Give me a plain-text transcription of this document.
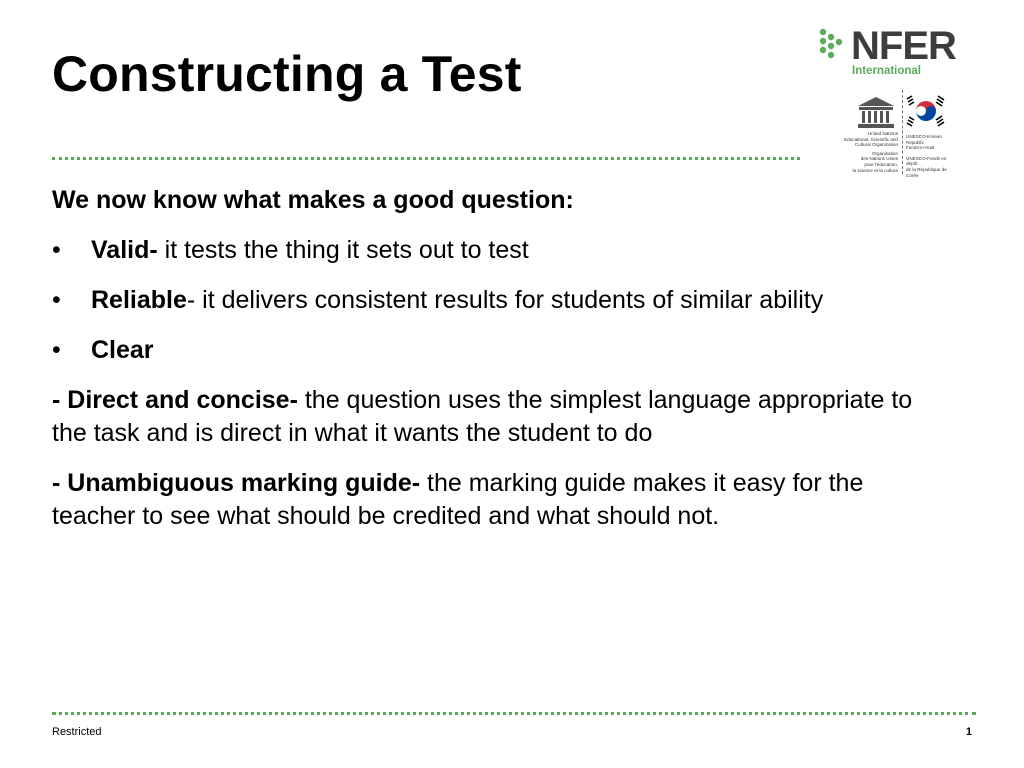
Constructing a Test	NFER
International
United Nations
Educational, Scientific and
Cultural Organization
Organisation
des Nations Unies
pour l'éducation,
la science et la culture
UNESCO-Korean Republic
Funds-in-trust
UNESCO-Fonds en dépôt
de la République de Corée

We now know what makes a good question:

• Valid- it tests the thing it sets out to test

• Reliable- it delivers consistent results for students of similar ability

• Clear

- Direct and concise- the question uses the simplest language appropriate to the task and is direct in what it wants the student to do

- Unambiguous marking guide- the marking guide makes it easy for the teacher to see what should be credited and what should not.

Restricted	1
